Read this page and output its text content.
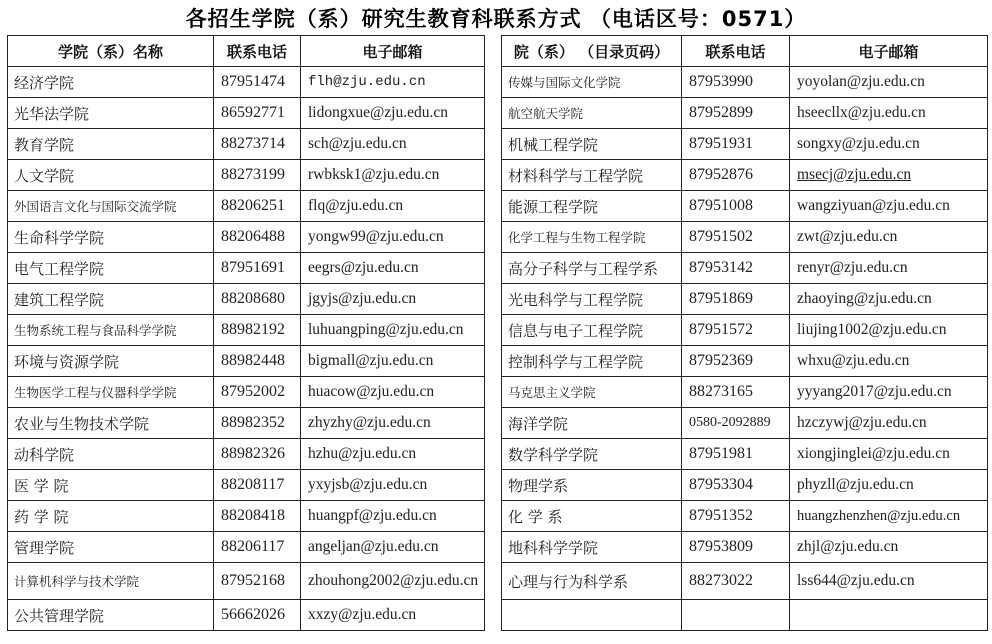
各招生学院（系）研究生教育科联系方式 （电话区号：0571）
学院（系）名称	联系电话	电子邮箱
经济学院	87951474	flh@zju.edu.cn
光华法学院	86592771	lidongxue@zju.edu.cn
教育学院	88273714	sch@zju.edu.cn
人文学院	88273199	rwbksk1@zju.edu.cn
外国语言文化与国际交流学院	88206251	flq@zju.edu.cn
生命科学学院	88206488	yongw99@zju.edu.cn
电气工程学院	87951691	eegrs@zju.edu.cn
建筑工程学院	88208680	jgyjs@zju.edu.cn
生物系统工程与食品科学学院	88982192	luhuangping@zju.edu.cn
环境与资源学院	88982448	bigmall@zju.edu.cn
生物医学工程与仪器科学学院	87952002	huacow@zju.edu.cn
农业与生物技术学院	88982352	zhyzhy@zju.edu.cn
动科学院	88982326	hzhu@zju.edu.cn
医 学 院	88208117	yxyjsb@zju.edu.cn
药 学 院	88208418	huangpf@zju.edu.cn
管理学院	88206117	angeljan@zju.edu.cn
计算机科学与技术学院	87952168	zhouhong2002@zju.edu.cn
公共管理学院	56662026	xxzy@zju.edu.cn
院（系） （目录页码）	联系电话	电子邮箱
传媒与国际文化学院	87953990	yoyolan@zju.edu.cn
航空航天学院	87952899	hseecllx@zju.edu.cn
机械工程学院	87951931	songxy@zju.edu.cn
材料科学与工程学院	87952876	msecj@zju.edu.cn
能源工程学院	87951008	wangziyuan@zju.edu.cn
化学工程与生物工程学院	87951502	zwt@zju.edu.cn
高分子科学与工程学系	87953142	renyr@zju.edu.cn
光电科学与工程学院	87951869	zhaoying@zju.edu.cn
信息与电子工程学院	87951572	liujing1002@zju.edu.cn
控制科学与工程学院	87952369	whxu@zju.edu.cn
马克思主义学院	88273165	yyyang2017@zju.edu.cn
海洋学院	0580-2092889	hzczywj@zju.edu.cn
数学科学学院	87951981	xiongjinglei@zju.edu.cn
物理学系	87953304	phyzll@zju.edu.cn
化 学 系	87951352	huangzhenzhen@zju.edu.cn
地科科学学院	87953809	zhjl@zju.edu.cn
心理与行为科学系	88273022	lss644@zju.edu.cn
